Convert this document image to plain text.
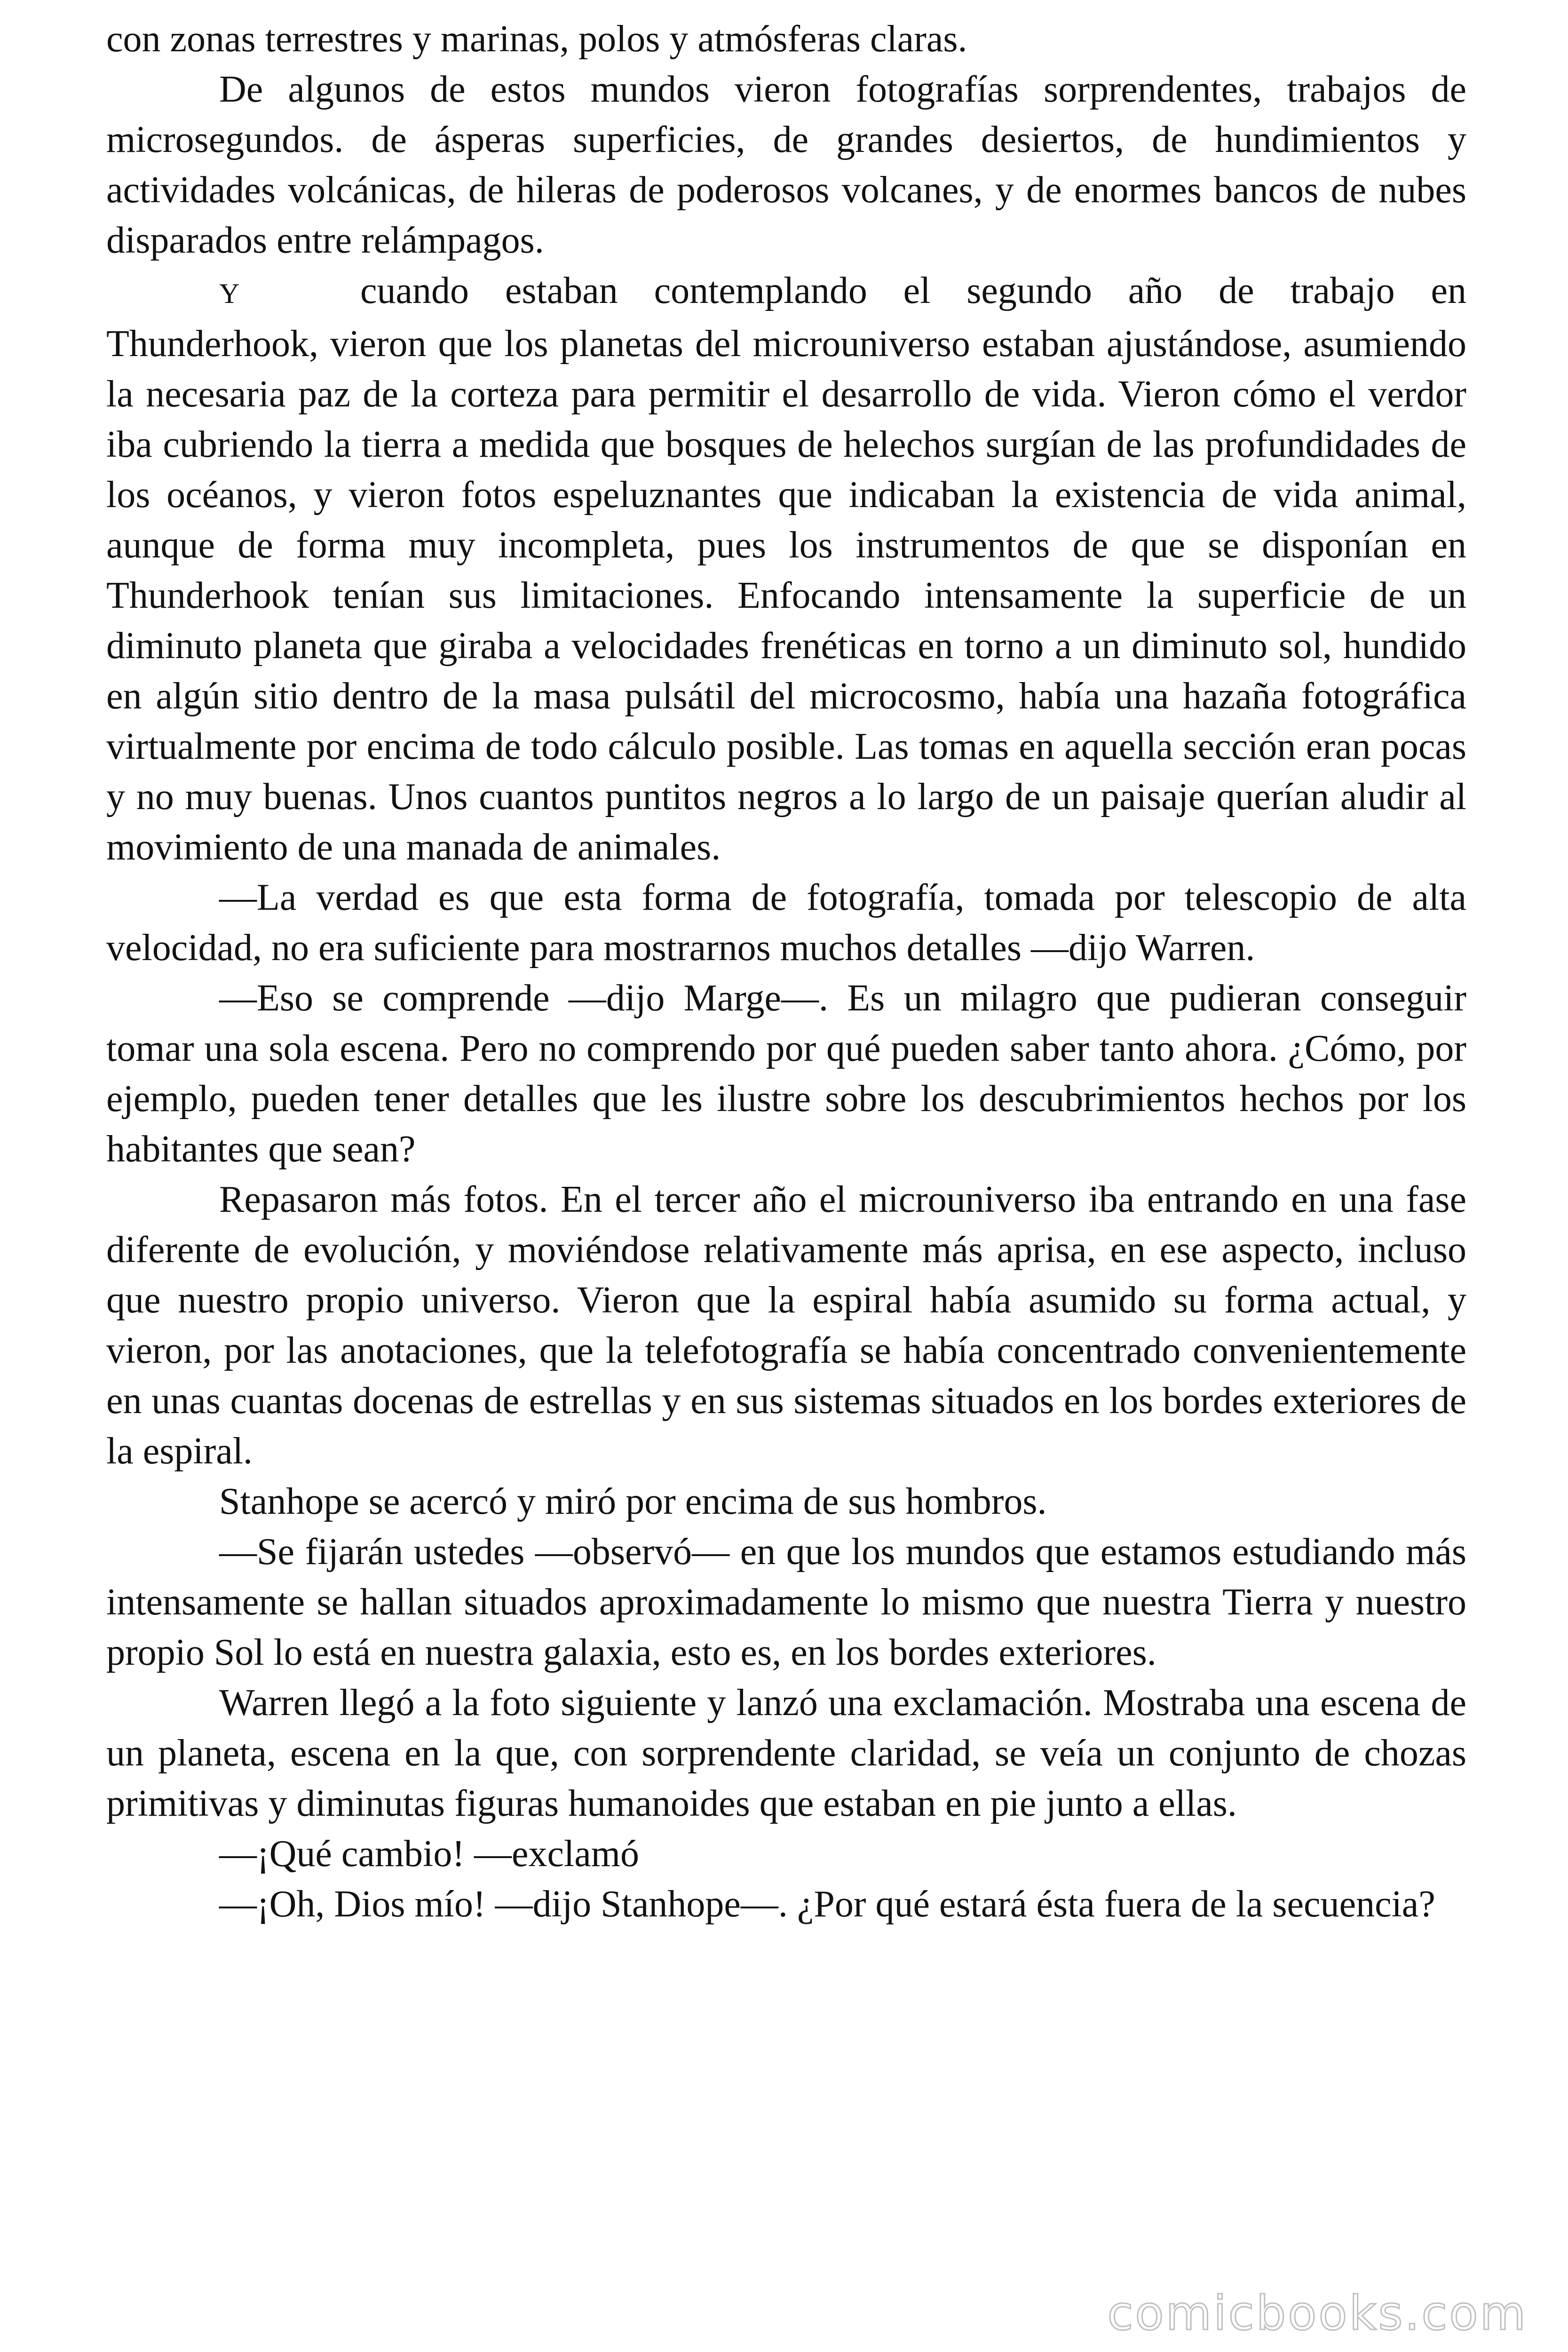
con zonas terrestres y marinas, polos y atmósferas claras.

De algunos de estos mundos vieron fotografías sorprendentes, trabajos de microsegundos. de ásperas superficies, de grandes desiertos, de hundimientos y actividades volcánicas, de hileras de poderosos volcanes, y de enormes bancos de nubes disparados entre relámpagos.

Y	cuando estaban contemplando el segundo año de trabajo en Thunderhook, vieron que los planetas del microuniverso estaban ajustándose, asumiendo la necesaria paz de la corteza para permitir el desarrollo de vida. Vieron cómo el verdor iba cubriendo la tierra a medida que bosques de helechos surgían de las profundidades de los océanos, y vieron fotos espeluznantes que indicaban la existencia de vida animal, aunque de forma muy incompleta, pues los instrumentos de que se disponían en Thunderhook tenían sus limitaciones. Enfocando intensamente la superficie de un diminuto planeta que giraba a velocidades frenéticas en torno a un diminuto sol, hundido en algún sitio dentro de la masa pulsátil del microcosmo, había una hazaña fotográfica virtualmente por encima de todo cálculo posible. Las tomas en aquella sección eran pocas y no muy buenas. Unos cuantos puntitos negros a lo largo de un paisaje querían aludir al movimiento de una manada de animales.

—La verdad es que esta forma de fotografía, tomada por telescopio de alta velocidad, no era suficiente para mostrarnos muchos detalles —dijo Warren.

—Eso se comprende —dijo Marge—. Es un milagro que pudieran conseguir tomar una sola escena. Pero no comprendo por qué pueden saber tanto ahora. ¿Cómo, por ejemplo, pueden tener detalles que les ilustre sobre los descubrimientos hechos por los habitantes que sean?

Repasaron más fotos. En el tercer año el microuniverso iba entrando en una fase diferente de evolución, y moviéndose relativamente más aprisa, en ese aspecto, incluso que nuestro propio universo. Vieron que la espiral había asumido su forma actual, y vieron, por las anotaciones, que la telefotografía se había concentrado convenientemente en unas cuantas docenas de estrellas y en sus sistemas situados en los bordes exteriores de la espiral.

Stanhope se acercó y miró por encima de sus hombros.

—Se fijarán ustedes —observó— en que los mundos que estamos estudiando más intensamente se hallan situados aproximadamente lo mismo que nuestra Tierra y nuestro propio Sol lo está en nuestra galaxia, esto es, en los bordes exteriores.

Warren llegó a la foto siguiente y lanzó una exclamación. Mostraba una escena de un planeta, escena en la que, con sorprendente claridad, se veía un conjunto de chozas primitivas y diminutas figuras humanoides que estaban en pie junto a ellas.

—¡Qué cambio! —exclamó

—¡Oh, Dios mío! —dijo Stanhope—. ¿Por qué estará ésta fuera de la secuencia?

comicbooks.com
